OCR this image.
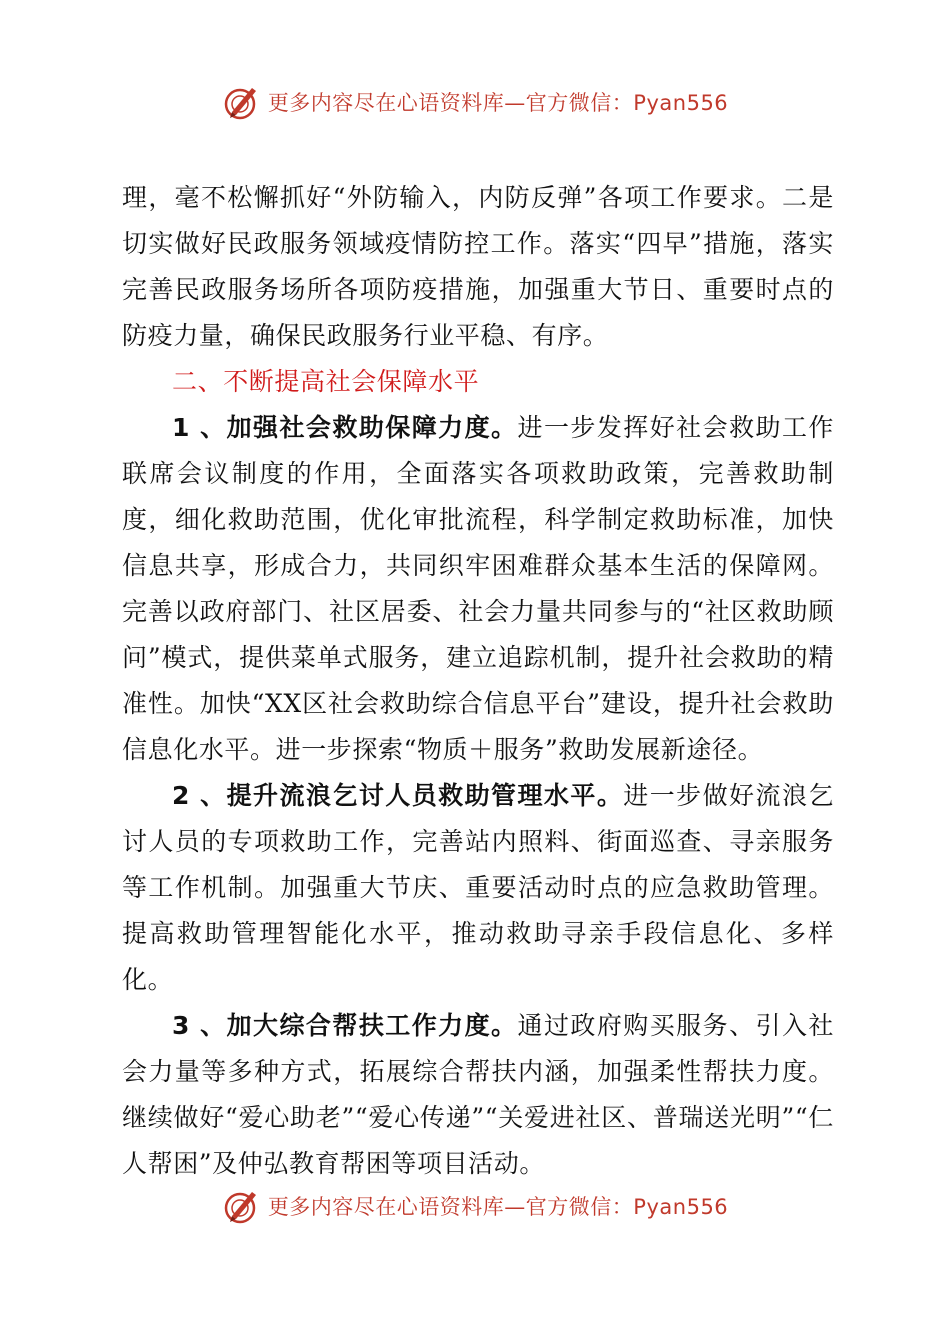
更多内容尽在心语资料库—官方微信：Pyan556

理，毫不松懈抓好“外防输入，内防反弹”各项工作要求。二是切实做好民政服务领域疫情防控工作。落实“四早”措施，落实完善民政服务场所各项防疫措施，加强重大节日、重要时点的防疫力量，确保民政服务行业平稳、有序。

二、不断提高社会保障水平

1 、加强社会救助保障力度。进一步发挥好社会救助工作联席会议制度的作用，全面落实各项救助政策，完善救助制度，细化救助范围，优化审批流程，科学制定救助标准，加快信息共享，形成合力，共同织牢困难群众基本生活的保障网。完善以政府部门、社区居委、社会力量共同参与的“社区救助顾问”模式，提供菜单式服务，建立追踪机制，提升社会救助的精准性。加快“XX区社会救助综合信息平台”建设，提升社会救助信息化水平。进一步探索“物质＋服务”救助发展新途径。

2 、提升流浪乞讨人员救助管理水平。进一步做好流浪乞讨人员的专项救助工作，完善站内照料、街面巡查、寻亲服务等工作机制。加强重大节庆、重要活动时点的应急救助管理。提高救助管理智能化水平，推动救助寻亲手段信息化、多样化。

3 、加大综合帮扶工作力度。通过政府购买服务、引入社会力量等多种方式，拓展综合帮扶内涵，加强柔性帮扶力度。继续做好“爱心助老”“爱心传递”“关爱进社区、普瑞送光明”“仁人帮困”及仲弘教育帮困等项目活动。

更多内容尽在心语资料库—官方微信：Pyan556
